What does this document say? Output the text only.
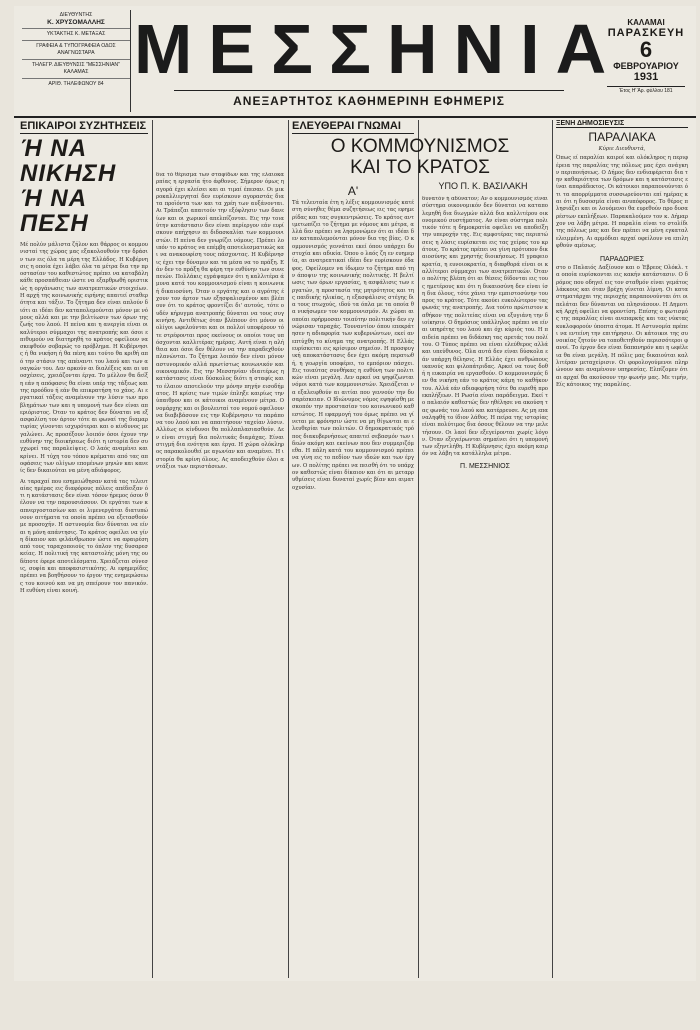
ΔΙΕΥΘΥΝΤΗΣ
Κ. ΧΡΥΣΟΜΑΛΛΗΣ
ΥΚΤΑΚΤΗΣ Κ. ΜΕΤΑΞΑΣ
ΓΡΑΦΕΙΑ & ΤΥΠΟΓΡΑΦΕΙΑ ΟΔΟΣ ΑΝΑΓΝΩΣΤΑΡΑ
ΤΗΛΕΓΡ. ΔΙΕΥΘΥΝΣΙΣ "ΜΕΣΣΗΝΙΑΝ" ΚΑΛΑΜΑΣ
ΑΡΙΘ. ΤΗΛΕΦΩΝΟΥ 84 ΜΕΣΣΗΝΙΑ
ΑΝΕΞΑΡΤΗΤΟΣ ΚΑΘΗΜΕΡΙΝΗ ΕΦΗΜΕΡΙΣ
ΚΑΛΑΜΑΙ
ΠΑΡΑΣΚΕΥΗ
6
ΦΕΒΡΟΥΑΡΙΟΥ
1931
Έτος Η' Άρ. φύλλου 181
ΕΠΙΚΑΙΡΟΙ ΣΥΖΗΤΗΣΕΙΣ
Ή ΝΑ ΝΙΚΗΣΗ
Ή ΝΑ ΠΕΣΗ
Μέ πολύν μάλιστα ζήλον και θάρρος οι κομμουνισταί της χώρας μας εξακολουθούν την δράσιν των εις όλα τα μέρη της Ελλάδος. Η Κυβέρνησις η οποία έχει λάβει όλα τα μέτρα δια την προστασίαν του καθεστώτος πρέπει να καταβάλη κάθε προσπάθειαν ώστε να εξαρθρωθή οριστικώς η οργάνωσις των ανατρεπτικών στοιχείων. Η αρχή της κοινωνικής ειρήνης απαιτεί σταθερότητα και τάξιν. Το ζήτημα δεν είναι απλούν διότι αι ιδέαι δεν καταπολεμούνται μόνον με νόμους αλλά και με την βελτίωσιν των όρων της ζωής του λαού. Η πείνα και η ανεργία είναι οι καλύτεροι σύμμαχοι της ανατροπής και όσοι επιθυμούν να διατηρηθή το κράτος οφείλουν να σκεφθούν σοβαρώς το πρόβλημα. Η Κυβέρνησις ή θα νικήση ή θα πέση και τούτο θα κριθή από την στάσιν της απέναντι του λαού και των αναγκών του. Δεν αρκούν αι διαλέξεις και αι υποσχέσεις, χρειάζονται έργα. Το μέλλον θα δείξη εάν η απόφασις θα είναι υπέρ της τάξεως και της προόδου ή εάν θα επικρατήση το χάος. Αι εργατικαί τάξεις αναμένουν την λύσιν των προβλημάτων των και η υπομονή των δεν είναι απεριόριστος. Όταν το κράτος δεν δύναται να εξασφαλίση τον άρτον τότε αι φωναί της διαμαρτυρίας γίνονται ισχυρότεραι και ο κίνδυνος μεγαλώνει. Ας προσέξουν λοιπόν όσοι έχουν την ευθύνην της διοικήσεως διότι η ιστορία δεν συγχωρεί τας παραλείψεις. Ο λαός αναμένει και κρίνει. Η τύχη του τόπου κρέμαται από τας αποφάσεις των ολίγων επομένων μηνών και κανείς δεν δικαιούται να μένη αδιάφορος.
Αι ταραχαί που εσημειώθησαν κατά τας τελευταίας ημέρας εις διαφόρους πόλεις απέδειξαν ότι η κατάστασις δεν είναι τόσον ήρεμος όσον θέλουν να την παρουσιάσουν. Οι εργάται των καπνεργοστασίων και οι λιμενεργάται διατυπώνουν αιτήματα τα οποία πρέπει να εξετασθούν με προσοχήν. Η αστυνομία δεν δύναται να είναι η μόνη απάντησις. Το κράτος οφείλει να γίνη δίκαιον και φιλάνθρωπον ώστε να αφαιρέση από τους ταραχοποιούς το όπλον της δυσαρεσκείας. Η πολιτική της καταστολής μόνη της ουδέποτε έφερε αποτελέσματα. Χρειάζεται σύνεσις, σοφία και αποφασιστικότης. Αι εφημερίδες πρέπει να βοηθήσουν το έργον της ενημερώσεως του κοινού και να μη σπείρουν τον πανικόν. Η ευθύνη είναι κοινή.
δια τό θέρισμα των σταφίδων και της ελαιοκαρπίας η εργασία ήτο άφθονος. Σήμερον όμως η αγορά έχει κλείσει και αι τιμαί έπεσαν. Οι μικροκαλλιεργηταί δεν ευρίσκουν αγοραστάς δια τα προϊόντα των και τα χρέη των αυξάνονται. Αι Τράπεζαι απαιτούν την εξόφλησιν των δανείων και οι χωρικοί απελπίζονται. Εις την τοιαύτην κατάστασιν δεν είναι περίεργον εάν ευρίσκουν απήχησιν αι διδασκαλίαι των κομμουνιστών. Η πείνα δεν γνωρίζει νόμους. Πρέπει λοιπόν το κράτος να επέμβη αποτελεσματικώς και να ανακουφίση τους πάσχοντας. Η Κυβέρνησις έχει την δύναμιν και τα μέσα να το πράξη. Εάν δεν το πράξη θα φέρη την ευθύνην των συνεπειών. Πολλάκις εγράψαμεν ότι η καλλιτέρα άμυνα κατά του κομμουνισμού είναι η κοινωνική δικαιοσύνη. Όταν ο εργάτης και ο αγρότης έχουν τον άρτον των εξησφαλισμένον και βλέπουν ότι το κράτος φροντίζει δι' αυτούς, τότε ουδέν κήρυγμα ανατροπής δύναται να τους συγκινήση. Αντιθέτως όταν βλέπουν ότι μόνον οι ολίγοι ωφελούνται και οι πολλοί υποφέρουν τότε στρέφονται προς εκείνους οι οποίοι τους υπόσχονται καλλιτέρας ημέρας. Αυτή είναι η αλήθεια και όσοι δεν θέλουν να την παραδεχθούν πλανώνται. Το ζήτημα λοιπόν δεν είναι μόνον αστυνομικόν αλλά πρωτίστως κοινωνικόν και οικονομικόν. Εις την Μεσσηνίαν ιδιαιτέρως η κατάστασις είναι δύσκολος διότι η σταφίς και το έλαιον αποτελούν την μόνην πηγήν εισοδήματος. Η κρίσις των τιμών έπληξε καιρίως την ύπαιθρον και οι κάτοικοι αναμένουν μέτρα. Ο νομάρχης και οι βουλευταί του νομού οφείλουν να διαβιβάσουν εις την Κυβέρνησιν τα παράπονα του λαού και να απαιτήσουν ταχείαν λύσιν. Αλλέως οι κίνδυνοι θα πολλαπλασιασθούν. Δεν είναι στιγμή δια πολιτικάς διαμάχας. Είναι στιγμή δια ενότητα και έργα. Η χώρα ολόκληρος παρακολουθεί με αγωνίαν και αναμένει. Η ιστορία θα κρίνη όλους. Ας αποδειχθούν όλοι αντάξιοι των περιστάσεων.
ΕΛΕΥΘΕΡΑΙ ΓΝΩΜΑΙ
Ο ΚΟΜΜΟΥΝΙΣΜΟΣ
ΚΑΙ ΤΟ ΚΡΑΤΟΣ
ΥΠΟ Π. Κ. ΒΑΣΙΛΑΚΗ
Α'
Τά τελευταία έτη η λέξις κομμουνισμός κατέστη σύνηθες θέμα συζητήσεως εις τας εφημερίδας και τας συγκεντρώσεις. Το κράτος αντιμετωπίζει το ζήτημα με νόμους και μέτρα, αλλά δεν πρέπει να λησμονώμεν ότι αι ιδέαι δεν καταπολεμούνται μόνον δια της βίας. Ο κομμουνισμός γεννάται εκεί όπου υπάρχει δυστυχία και αδικία. Όπου ο λαός ζη εν ευημερία, αι ανατρεπτικαί ιδέαι δεν ευρίσκουν έδαφος. Οφείλομεν να ίδωμεν το ζήτημα από την άποψιν της κοινωνικής πολιτικής. Η βελτίωσις των όρων εργασίας, η ασφάλισις των εργατών, η προστασία της μητρότητος και της παιδικής ηλικίας, η εξασφάλισις στέγης δια τους πτωχούς, ιδού τα όπλα με τα οποία θα νικήσωμεν τον κομμουνισμόν. Αι χώραι αι οποίαι εφήρμοσαν τοιαύτην πολιτικήν δεν εγνώρισαν ταραχάς. Τουναντίον όπου επεκράτησεν η αδιαφορία των κυβερνώντων, εκεί ανεπτύχθη το κίνημα της ανατροπής. Η Ελλάς ευρίσκεται εις κρίσιμον σημείον. Η προσφυγική αποκατάστασις δεν έχει ακόμη περατωθή, η γεωργία υποφέρει, το εμπόριον πάσχει. Εις τοιαύτας συνθήκας η ευθύνη των πολιτικών είναι μεγάλη. Δεν αρκεί να ψηφίζωνται νόμοι κατά των κομμουνιστών. Χρειάζεται να εξαλειφθούν αι αιτίαι που γεννούν την δυσαρέσκειαν. Ο Ιδιώνυμος νόμος εψηφίσθη με σκοπόν την προστασίαν του κοινωνικού καθεστώτος. Η εφαρμογή του όμως πρέπει να γίνεται με φρόνησιν ώστε να μη θίγωνται αι ελευθερίαι των πολιτών. Ο δημοκρατικός τρόπος διακυβερνήσεως απαιτεί σεβασμόν των ιδεών ακόμη και εκείνων που δεν συμμεριζόμεθα. Η πάλη κατά του κομμουνισμού πρέπει να γίνη εις το πεδίον των ιδεών και των έργων. Ο πολίτης πρέπει να πεισθή ότι το υπάρχον καθεστώς είναι δίκαιον και ότι αι μεταρρυθμίσεις είναι δυναταί χωρίς βίαν και αιματοχυσίαν.
δυνατόν ή αδύνατον; Αν ο κομμουνισμός είναι σύστημα οικονομικόν δεν δύναται να καταπολεμηθή δια διωγμών αλλά δια καλλιτέρου οικονομικού συστήματος. Αν είναι σύστημα πολιτικόν τότε η δημοκρατία οφείλει να αποδείξη την υπεροχήν της. Εις αμφοτέρας τας περιπτώσεις η λύσις ευρίσκεται εις τας χείρας του κράτους. Το κράτος πρέπει να γίνη πρότυπον δικαιοσύνης και χρηστής διοικήσεως. Η γραφειοκρατία, η ευνοιοκρατία, η διαφθορά είναι οι καλλίτεροι σύμμαχοι των ανατρεπτικών. Όταν ο πολίτης βλέπη ότι αι θέσεις δίδονται εις τους ημετέρους και ότι η δικαιοσύνη δεν είναι ίση δια όλους, τότε χάνει την εμπιστοσύνην του προς το κράτος. Τότε ακούει ευκολώτερον τας φωνάς της ανατροπής. Δια τούτο πρώτιστον καθήκον της πολιτείας είναι να εξυγιάνη την διοίκησιν. Ο δημόσιος υπάλληλος πρέπει να είναι υπηρέτης του λαού και όχι κύριός του. Η παιδεία πρέπει να διδάσκη τας αρετάς του πολίτου. Ο Τύπος πρέπει να είναι ελεύθερος αλλά και υπεύθυνος. Όλα αυτά δεν είναι δύσκολα εάν υπάρχη θέλησις. Η Ελλάς έχει ανθρώπους ικανούς και φιλοπάτριδας. Αρκεί να τους δοθή η ευκαιρία να εργασθούν. Ο κομμουνισμός δεν θα νικήση εάν το κράτος κάμη το καθήκον του. Αλλά εάν αδιαφορήση τότε θα ευρεθή προ εκπλήξεων. Η Ρωσία είναι παράδειγμα. Εκεί το παλαιόν καθεστώς δεν ηθέλησε να ακούση τας φωνάς του λαού και κατέρρευσε. Ας μη επαναληφθή το ίδιον λάθος. Η πείρα της ιστορίας είναι πολύτιμος δια όσους θέλουν να την μελετήσουν. Οι λαοί δεν εξεγείρονται χωρίς λόγον. Όταν εξεγείρωνται σημαίνει ότι η υπομονή των εξηντλήθη. Η Κυβέρνησις έχει ακόμη καιρόν να λάβη τα κατάλληλα μέτρα.
Π. ΜΕΣΣΗΝΙΟΣ
ΞΕΝΗ ΔΗΜΟΣΙΕΥΣΙΣ
ΠΑΡΑΛΙΑΚΑ
Κύριε Διευθυντά,
Όπως εί παραλίαι καιροί και ολόκληρος η περιφέρεια της παραλίας της πόλεως μας έχει ανάγκην περιποιήσεως. Ο Δήμος δεν ενδιαφέρεται δια την καθαριότητα των δρόμων και η κατάστασις είναι απαράδεκτος. Οι κάτοικοι παραπονούνται ότι τα απορρίμματα συσσωρεύονται επί ημέρας και ότι η δυσοσμία είναι ανυπόφορος. Το θέρος πλησιάζει και οι λουόμενοι θα ευρεθούν προ δυσαρέστων εκπλήξεων. Παρακαλούμεν τον κ. Δήμαρχον να λάβη μέτρα. Η παραλία είναι το στολίδι της πόλεως μας και δεν πρέπει να μένη εγκαταλελειμμένη. Αι αρμόδιαι αρχαί οφείλουν να επιληφθούν αμέσως.
ΠΑΡΑΔΩΡΙΕΣ
στο ο Παλαιός Δαξίουον και ο Έβρεος Ολόκλ. τα οποία ευρίσκονται εις κακήν κατάστασιν. Ο δρόμος που οδηγεί εις τον σταθμόν είναι γεμάτος λάκκους και όταν βρέχη γίνεται λίμνη. Οι καταστηματάρχαι της περιοχής παραπονούνται ότι οι πελάται δεν δύνανται να πλησιάσουν. Η Δημοτική Αρχή οφείλει να φροντίση. Επίσης ο φωτισμός της παραλίας είναι ανεπαρκής και τας νύκτας κυκλοφορούν ύποπτα άτομα. Η Αστυνομία πρέπει να εντείνη την επιτήρησιν. Οι κάτοικοι της συνοικίας ζητούν να τοποθετηθούν περισσότεροι φανοί. Το έργον δεν είναι δαπανηρόν και η ωφέλεια θα είναι μεγάλη. Η πόλις μας δικαιούται καλλιτέραν μεταχείρισιν. Οι φορολογούμενοι πληρώνουν και αναμένουν υπηρεσίας. Ελπίζομεν ότι αι αρχαί θα ακούσουν την φωνήν μας. Με τιμήν, Είς κάτοικος της παραλίας.
